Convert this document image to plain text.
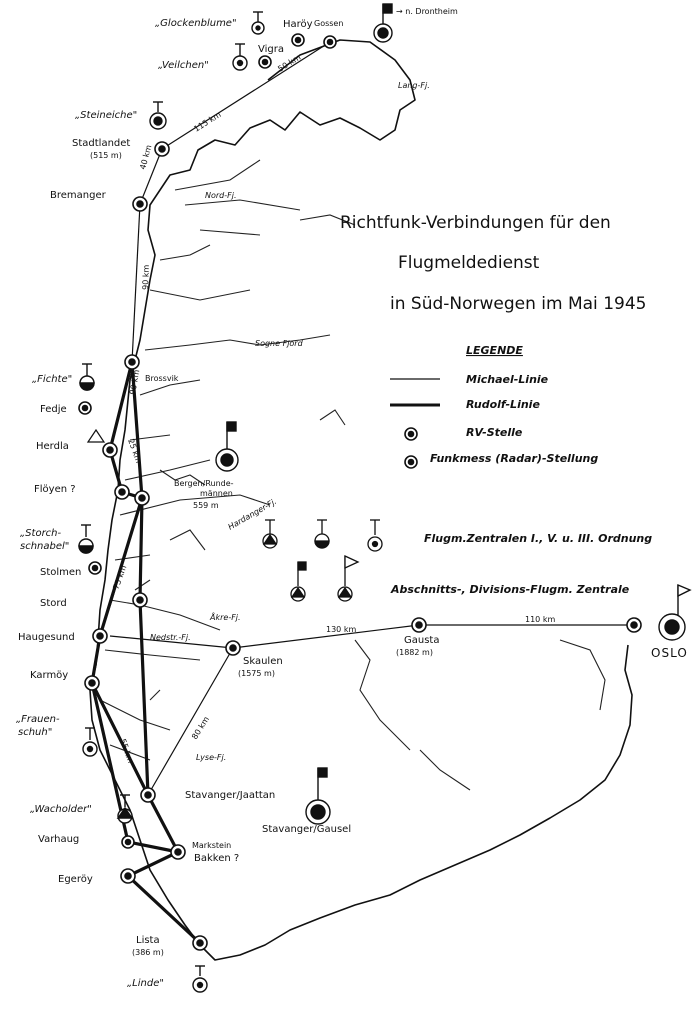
Richtfunk-Verbindungen für den
Flugmeldedienst
in Süd-Norwegen im Mai 1945
LEGENDE
Michael-Linie
Rudolf-Linie
RV-Stelle
Funkmess (Radar)-Stellung
Flugm.Zentralen I., V. u. III. Ordnung
Abschnitts-, Divisions-Flugm. Zentrale
„Glockenblume"	Haröy Gossen
→ n. Drontheim
Vigra
„Veilchen"
Lang-Fj.
„Steineiche"
Stadtlandet
(515 m)
Bremanger	Nord-Fj.
Sogne Fjord
Brossvik
„Fichte"
Fedje
Herdla
Flöyen ?
Bergen/Runde-
männen
559 m Hardanger-Fj.
„Storch-
schnabel"
Stolmen
Stord
Åkre-Fj.
Haugesund	Nedstr.-Fj.
Karmöy
„Frauen-
schuh"
Skaulen
(1575 m)
Gausta
(1882 m)	OSLO
Lyse-Fj.
Stavanger/Jaattan
Stavanger/Gausel
„Wacholder"
Varhaug
Markstein
Bakken ?
Egeröy
Lista
(386 m)
„Linde"
115 km
40 km
90 km
50 km
130 km
110 km
80 km
90 km
75 km
55 km
25 km
